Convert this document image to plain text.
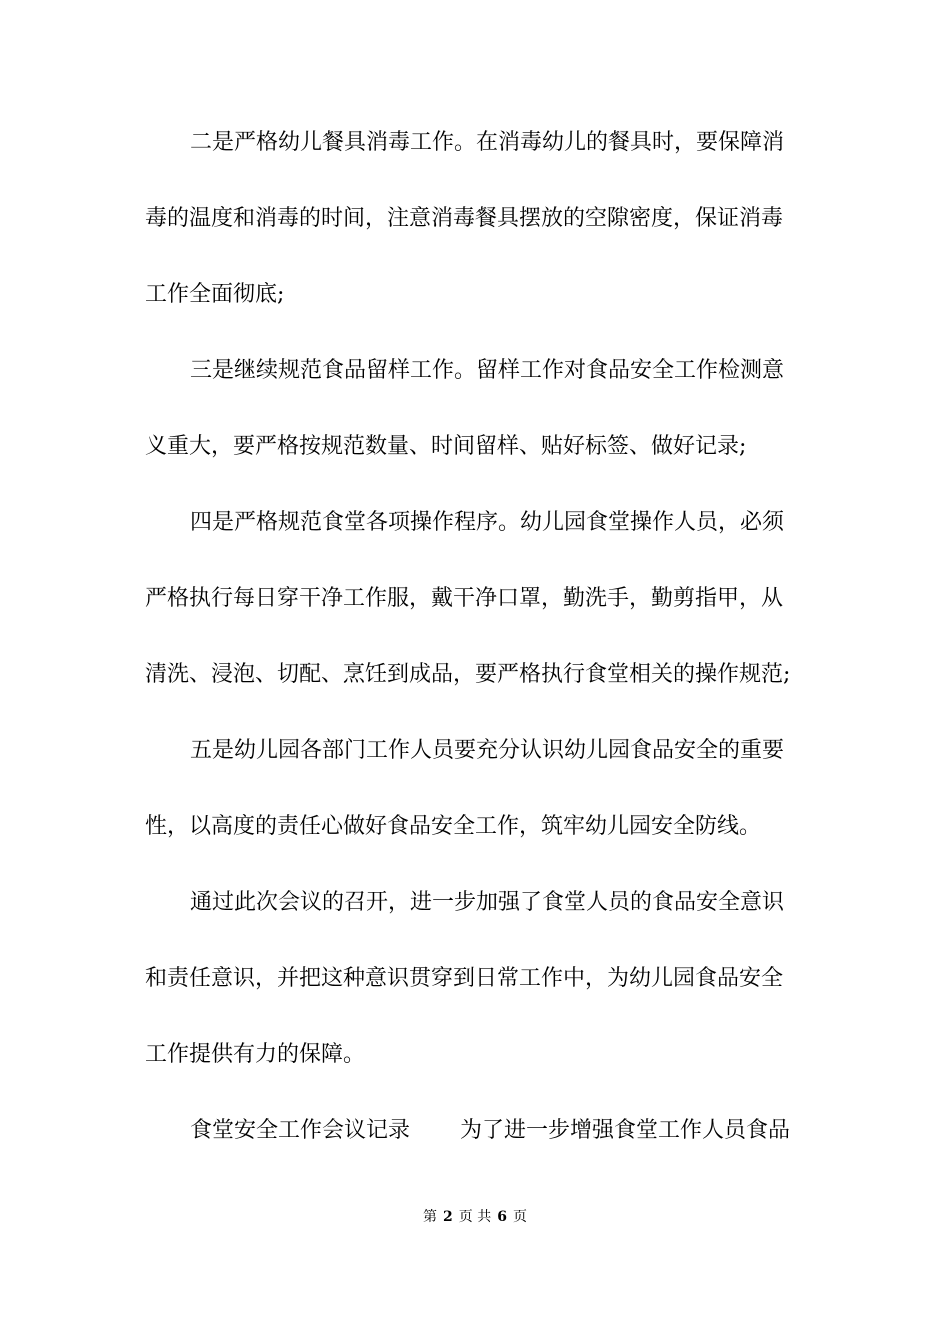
二是严格幼儿餐具消毒工作。在消毒幼儿的餐具时，要保障消
毒的温度和消毒的时间，注意消毒餐具摆放的空隙密度，保证消毒
工作全面彻底;
三是继续规范食品留样工作。留样工作对食品安全工作检测意
义重大，要严格按规范数量、时间留样、贴好标签、做好记录;
四是严格规范食堂各项操作程序。幼儿园食堂操作人员，必须
严格执行每日穿干净工作服，戴干净口罩，勤洗手，勤剪指甲，从
清洗、浸泡、切配、烹饪到成品，要严格执行食堂相关的操作规范;
五是幼儿园各部门工作人员要充分认识幼儿园食品安全的重要
性，以高度的责任心做好食品安全工作，筑牢幼儿园安全防线。
通过此次会议的召开，进一步加强了食堂人员的食品安全意识
和责任意识，并把这种意识贯穿到日常工作中，为幼儿园食品安全
工作提供有力的保障。
食堂安全工作会议记录 为了进一步增强食堂工作人员食品
第 2 页 共 6 页
